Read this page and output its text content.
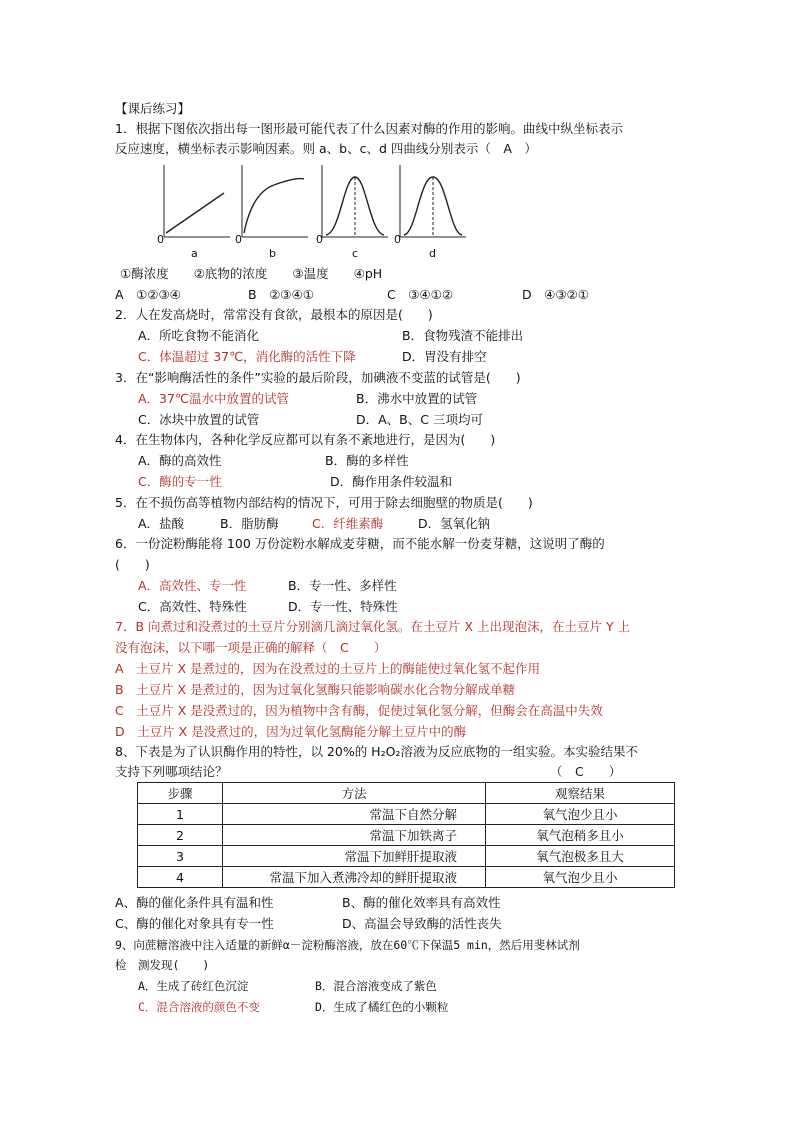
【课后练习】
1．根据下图依次指出每一图形最可能代表了什么因素对酶的作用的影响。曲线中纵坐标表示
反应速度，横坐标表示影响因素。则 a、b、c、d 四曲线分别表示（　A　）
0
a
0
b
0
c
0
d
①酶浓度　　②底物的浓度　　③温度　　④pH
A　①②③④	B　②③④①	C　③④①②	D　④③②①
2．人在发高烧时，常常没有食欲，最根本的原因是(　　)
A．所吃食物不能消化	B．食物残渣不能排出
C．体温超过 37℃，消化酶的活性下降	D．胃没有排空
3．在“影响酶活性的条件”实验的最后阶段，加碘液不变蓝的试管是(　　)
A．37℃温水中放置的试管	B．沸水中放置的试管
C．冰块中放置的试管	D．A、B、C 三项均可
4．在生物体内，各种化学反应都可以有条不紊地进行，是因为(　　)
A．酶的高效性	B．酶的多样性
C．酶的专一性	D．酶作用条件较温和
5．在不损伤高等植物内部结构的情况下，可用于除去细胞壁的物质是(　　)
A．盐酸	B．脂肪酶	C．纤维素酶	D．氢氧化钠
6．一份淀粉酶能将 100 万份淀粉水解成麦芽糖，而不能水解一份麦芽糖，这说明了酶的
(　　)
A．高效性、专一性	B．专一性、多样性
C．高效性、特殊性	D．专一性、特殊性
7．B 向煮过和没煮过的土豆片分别滴几滴过氧化氢。在土豆片 X 上出现泡沫，在土豆片 Y 上
没有泡沫，以下哪一项是正确的解释（　C　　）
A　土豆片 X 是煮过的，因为在没煮过的土豆片上的酶能使过氧化氢不起作用
B　土豆片 X 是煮过的，因为过氧化氢酶只能影响碳水化合物分解成单糖
C　土豆片 X 是没煮过的，因为植物中含有酶，促使过氧化氢分解，但酶会在高温中失效
D　土豆片 X 是没煮过的，因为过氧化氢酶能分解土豆片中的酶
8、下表是为了认识酶作用的特性，以 20%的 H₂O₂溶液为反应底物的一组实验。本实验结果不
支持下列哪项结论？	（　C　　）
步骤	方法	观察结果
1	常温下自然分解	氧气泡少且小
2	常温下加铁离子	氧气泡稍多且小
3	常温下加鲜肝提取液	氧气泡极多且大
4	常温下加入煮沸冷却的鲜肝提取液	氧气泡少且小
A、酶的催化条件具有温和性	B、酶的催化效率具有高效性
C、酶的催化对象具有专一性	D、高温会导致酶的活性丧失
9、向蔗糖溶液中注入适量的新鲜α－淀粉酶溶液，放在60℃下保温5 min，然后用斐林试剂
检　测发现(　　)
A．生成了砖红色沉淀	B．混合溶液变成了紫色
C．混合溶液的颜色不变	D．生成了橘红色的小颗粒
